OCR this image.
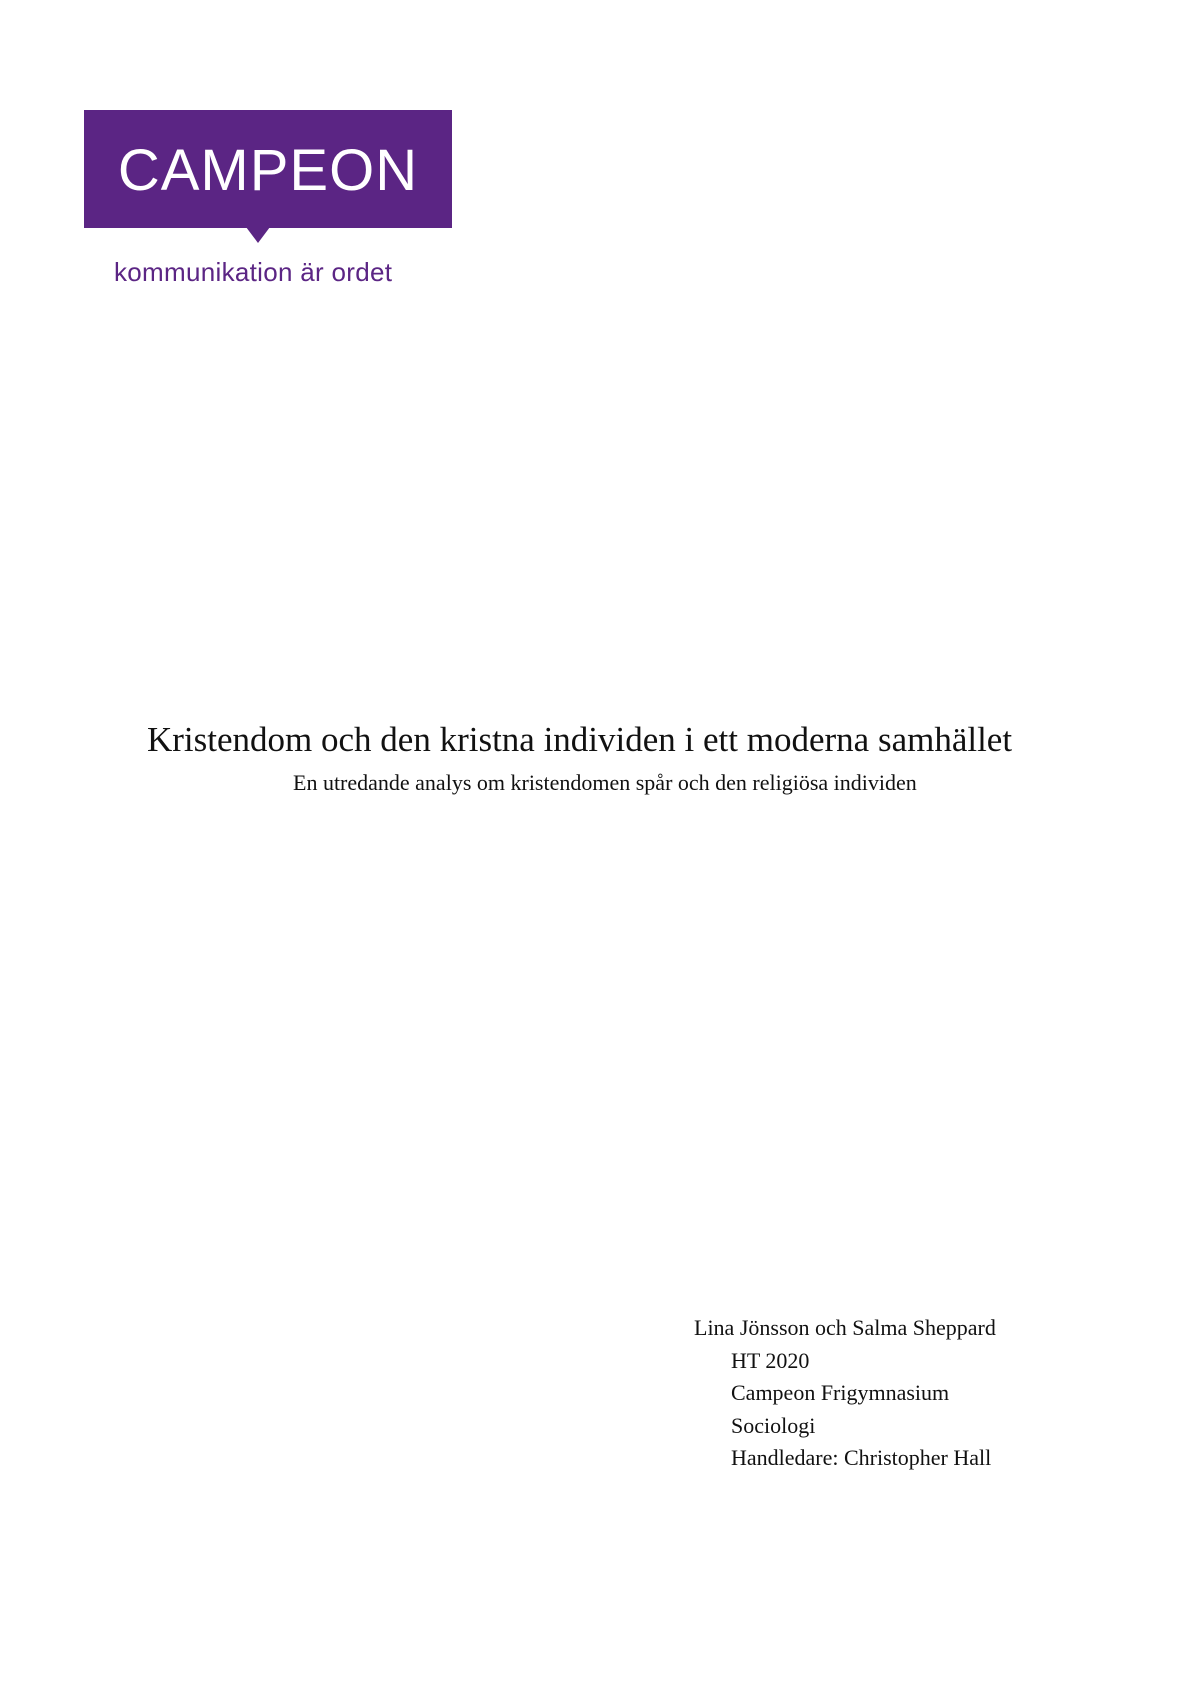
CAMPEON
kommunikation är ordet
Kristendom och den kristna individen i ett moderna samhället
En utredande analys om kristendomen spår och den religiösa individen
Lina Jönsson och Salma Sheppard
HT 2020
Campeon Frigymnasium
Sociologi
Handledare: Christopher Hall
